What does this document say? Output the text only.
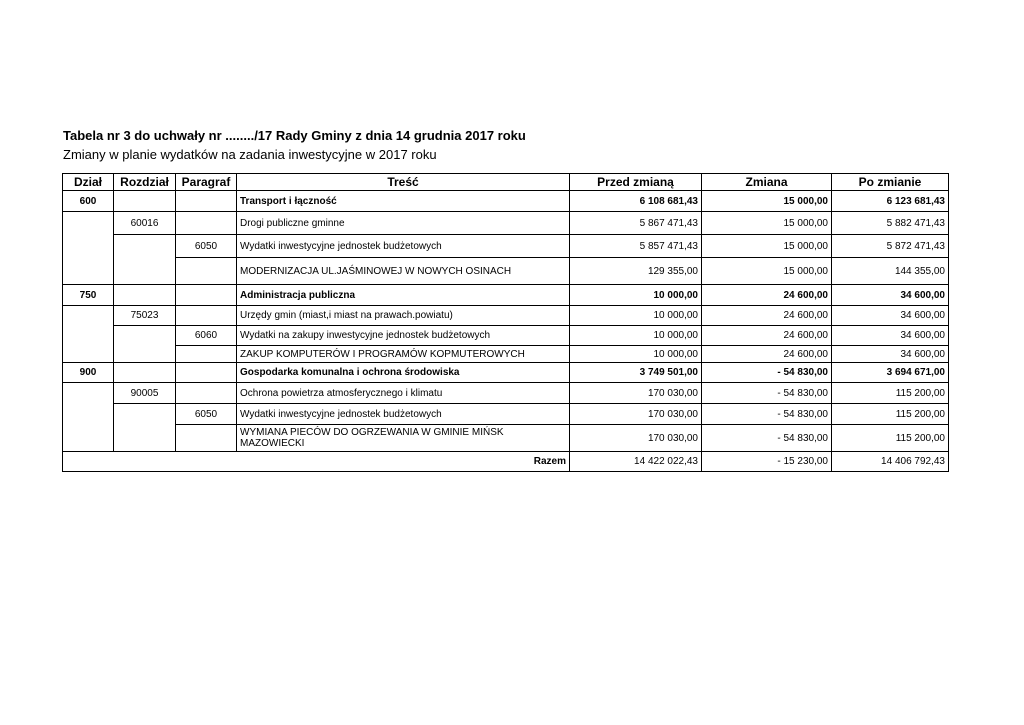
Tabela nr 3 do uchwały nr ......../17 Rady Gminy z dnia 14 grudnia 2017 roku
Zmiany w planie wydatków na zadania inwestycyjne w 2017 roku
Dział	Rozdział	Paragraf	Treść	Przed zmianą	Zmiana	Po zmianie
600			Transport i łączność	6 108 681,43	15 000,00	6 123 681,43
	60016		Drogi publiczne gminne	5 867 471,43	15 000,00	5 882 471,43
		6050	Wydatki inwestycyjne jednostek budżetowych	5 857 471,43	15 000,00	5 872 471,43
			MODERNIZACJA UL.JAŚMINOWEJ W NOWYCH OSINACH	129 355,00	15 000,00	144 355,00
750			Administracja publiczna	10 000,00	24 600,00	34 600,00
	75023		Urzędy gmin (miast,i miast na prawach.powiatu)	10 000,00	24 600,00	34 600,00
		6060	Wydatki na zakupy inwestycyjne jednostek budżetowych	10 000,00	24 600,00	34 600,00
			ZAKUP KOMPUTERÓW I PROGRAMÓW KOPMUTEROWYCH	10 000,00	24 600,00	34 600,00
900			Gospodarka komunalna i ochrona środowiska	3 749 501,00	- 54 830,00	3 694 671,00
	90005		Ochrona powietrza atmosferycznego i klimatu	170 030,00	- 54 830,00	115 200,00
		6050	Wydatki inwestycyjne jednostek budżetowych	170 030,00	- 54 830,00	115 200,00
			WYMIANA PIECÓW DO OGRZEWANIA W GMINIE MIŃSK MAZOWIECKI	170 030,00	- 54 830,00	115 200,00
Razem				14 422 022,43	- 15 230,00	14 406 792,43
